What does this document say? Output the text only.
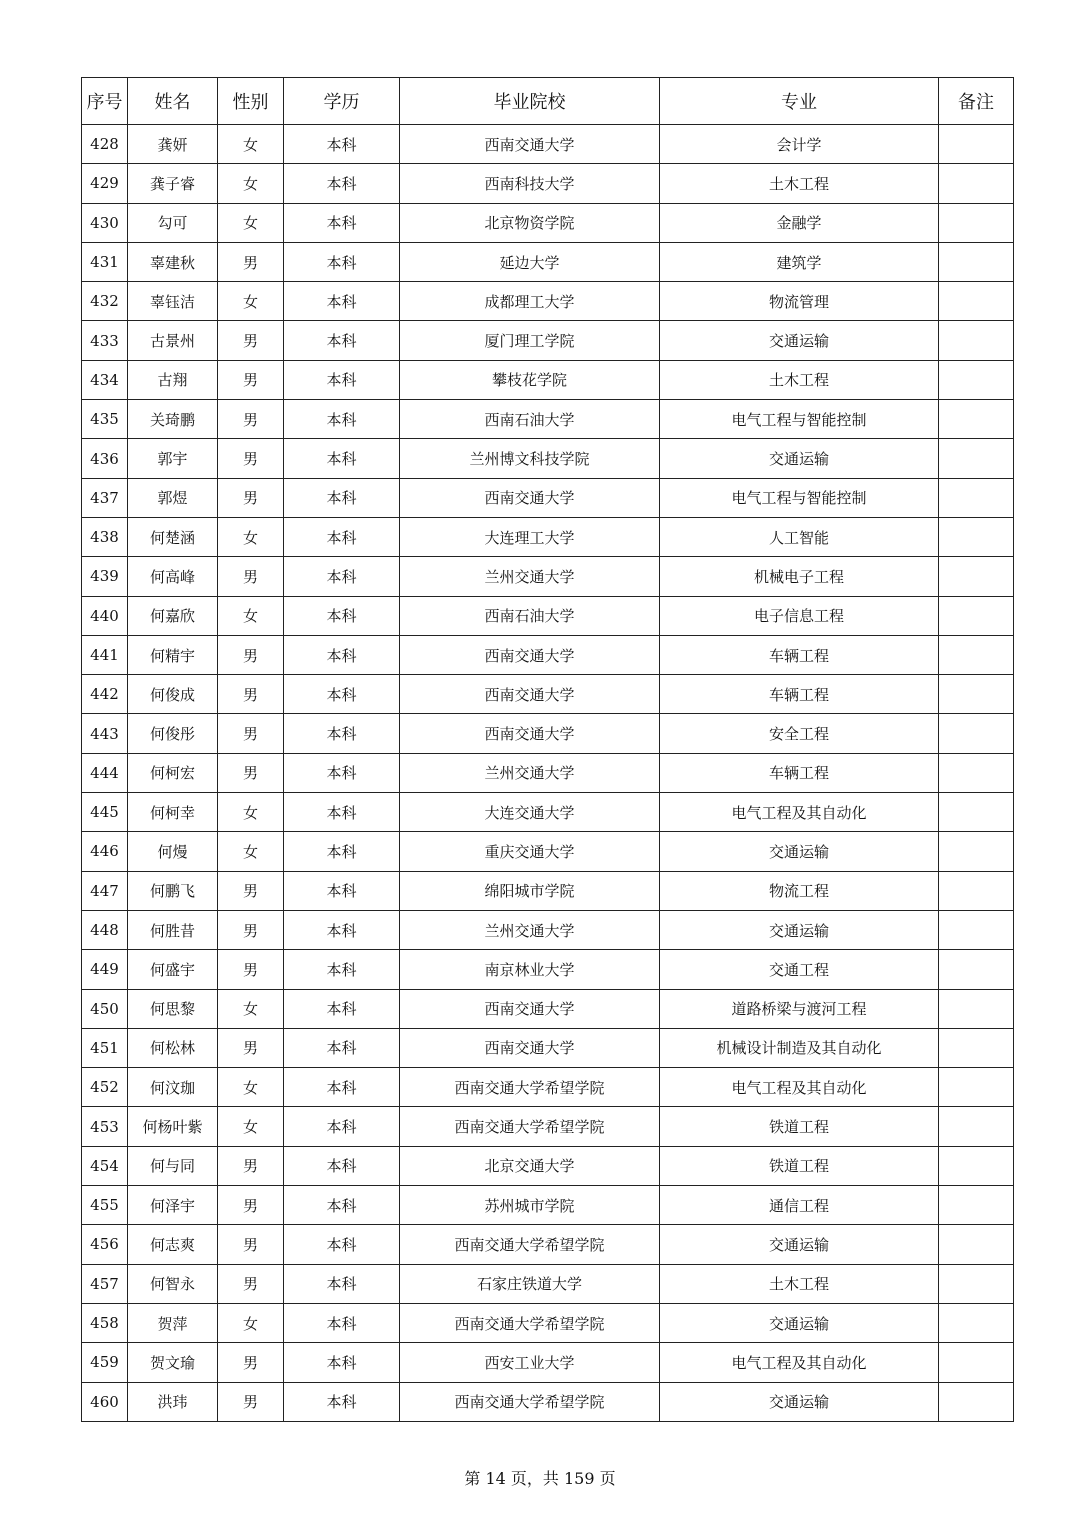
序号	姓名	性别	学历	毕业院校	专业	备注
428	龚妍	女	本科	西南交通大学	会计学	
429	龚子睿	女	本科	西南科技大学	土木工程	
430	勾可	女	本科	北京物资学院	金融学	
431	辜建秋	男	本科	延边大学	建筑学	
432	辜钰洁	女	本科	成都理工大学	物流管理	
433	古景州	男	本科	厦门理工学院	交通运输	
434	古翔	男	本科	攀枝花学院	土木工程	
435	关琦鹏	男	本科	西南石油大学	电气工程与智能控制	
436	郭宇	男	本科	兰州博文科技学院	交通运输	
437	郭煜	男	本科	西南交通大学	电气工程与智能控制	
438	何楚涵	女	本科	大连理工大学	人工智能	
439	何高峰	男	本科	兰州交通大学	机械电子工程	
440	何嘉欣	女	本科	西南石油大学	电子信息工程	
441	何精宇	男	本科	西南交通大学	车辆工程	
442	何俊成	男	本科	西南交通大学	车辆工程	
443	何俊彤	男	本科	西南交通大学	安全工程	
444	何柯宏	男	本科	兰州交通大学	车辆工程	
445	何柯幸	女	本科	大连交通大学	电气工程及其自动化	
446	何熳	女	本科	重庆交通大学	交通运输	
447	何鹏飞	男	本科	绵阳城市学院	物流工程	
448	何胜昔	男	本科	兰州交通大学	交通运输	
449	何盛宇	男	本科	南京林业大学	交通工程	
450	何思黎	女	本科	西南交通大学	道路桥梁与渡河工程	
451	何松林	男	本科	西南交通大学	机械设计制造及其自动化	
452	何汶珈	女	本科	西南交通大学希望学院	电气工程及其自动化	
453	何杨叶紫	女	本科	西南交通大学希望学院	铁道工程	
454	何与同	男	本科	北京交通大学	铁道工程	
455	何泽宇	男	本科	苏州城市学院	通信工程	
456	何志爽	男	本科	西南交通大学希望学院	交通运输	
457	何智永	男	本科	石家庄铁道大学	土木工程	
458	贺萍	女	本科	西南交通大学希望学院	交通运输	
459	贺文瑜	男	本科	西安工业大学	电气工程及其自动化	
460	洪玮	男	本科	西南交通大学希望学院	交通运输	
第 14 页，共 159 页
